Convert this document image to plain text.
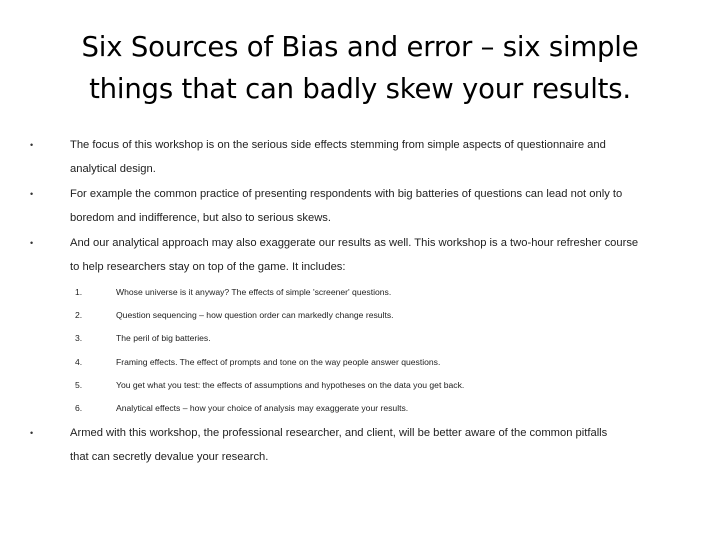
Six Sources of Bias and error – six simple
things that can badly skew your results.
•	The focus of this workshop is on the serious side effects stemming from simple aspects of questionnaire and
analytical design.
•	For example the common practice of presenting respondents with big batteries of questions can lead not only to
boredom and indifference, but also to serious skews.
•	And our analytical approach may also exaggerate our results as well. This workshop is a two-hour refresher course
to help researchers stay on top of the game. It includes:
1.	Whose universe is it anyway? The effects of simple 'screener' questions.
2.	Question sequencing – how question order can markedly change results.
3.	The peril of big batteries.
4.	Framing effects. The effect of prompts and tone on the way people answer questions.
5.	You get what you test: the effects of assumptions and hypotheses on the data you get back.
6.	Analytical effects – how your choice of analysis may exaggerate your results.
•	Armed with this workshop, the professional researcher, and client, will be better aware of the common pitfalls
that can secretly devalue your research.
